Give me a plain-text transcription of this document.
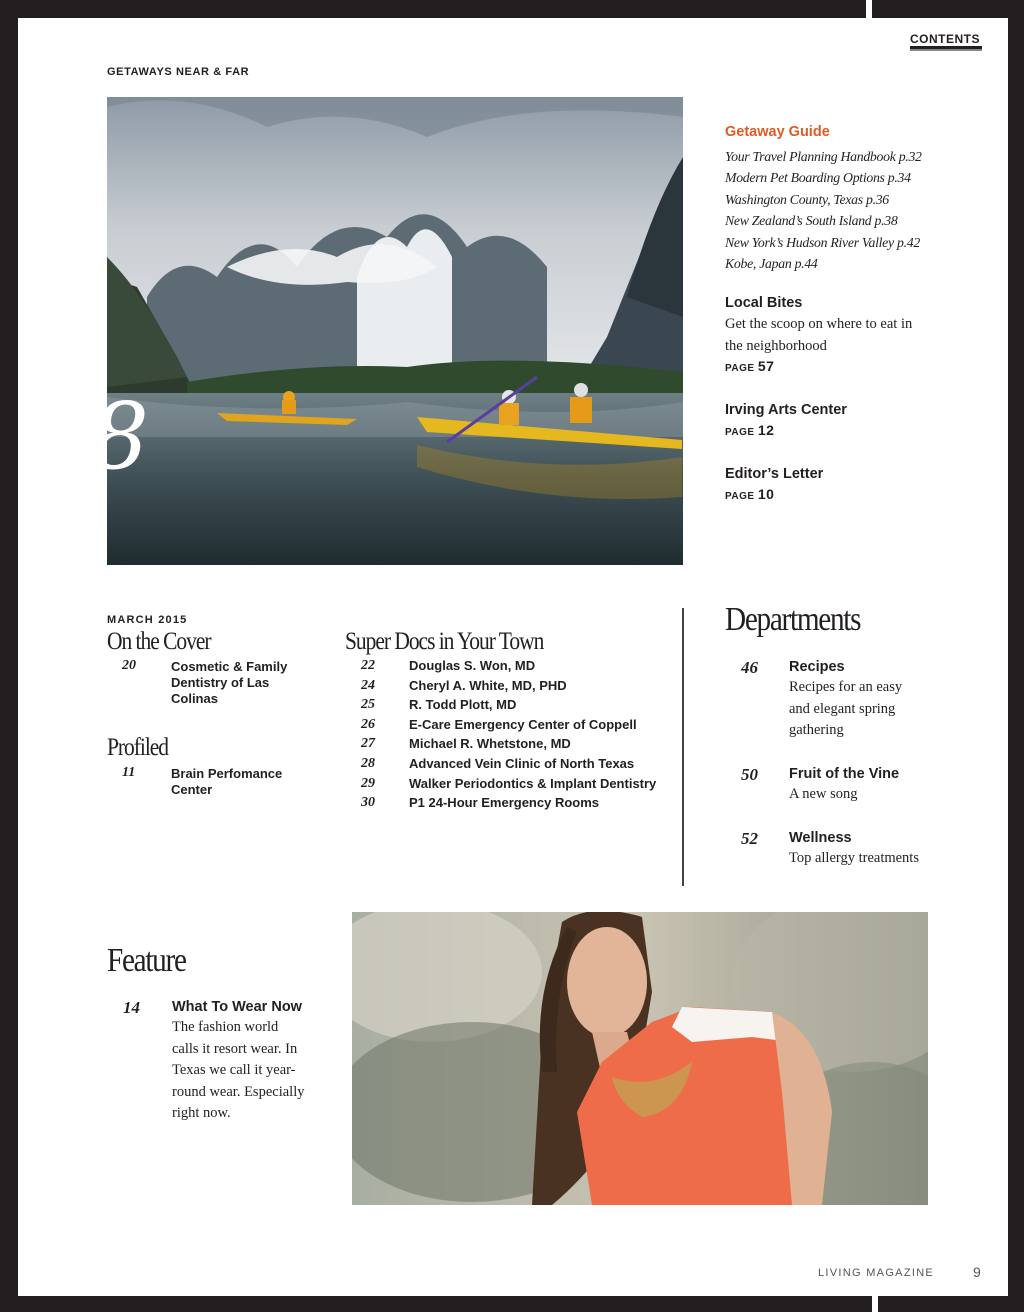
CONTENTS
GETAWAYS NEAR & FAR
38
Getaway Guide
Your Travel Planning Handbook p.32
Modern Pet Boarding Options p.34
Washington County, Texas p.36
New Zealand’s South Island p.38
New York’s Hudson River Valley p.42
Kobe, Japan p.44
Local Bites
Get the scoop on where to eat in
the neighborhood
PAGE 57
Irving Arts Center
PAGE 12
Editor’s Letter
PAGE 10
MARCH 2015
On the Cover
20	Cosmetic & Family
Dentistry of Las
Colinas
Profiled
11	Brain Perfomance
Center
Super Docs in Your Town
22	Douglas S. Won, MD
24	Cheryl A. White, MD, PHD
25	R. Todd Plott, MD
26	E-Care Emergency Center of Coppell
27	Michael R. Whetstone, MD
28	Advanced Vein Clinic of North Texas
29	Walker Periodontics & Implant Dentistry
30	P1 24-Hour Emergency Rooms
Departments
46 Recipes
Recipes for an easy
and elegant spring
gathering
50 Fruit of the Vine
A new song
52 Wellness
Top allergy treatments
Feature
14 What To Wear Now
The fashion world
calls it resort wear. In
Texas we call it year-
round wear. Especially
right now.
LIVING MAGAZINE	9
